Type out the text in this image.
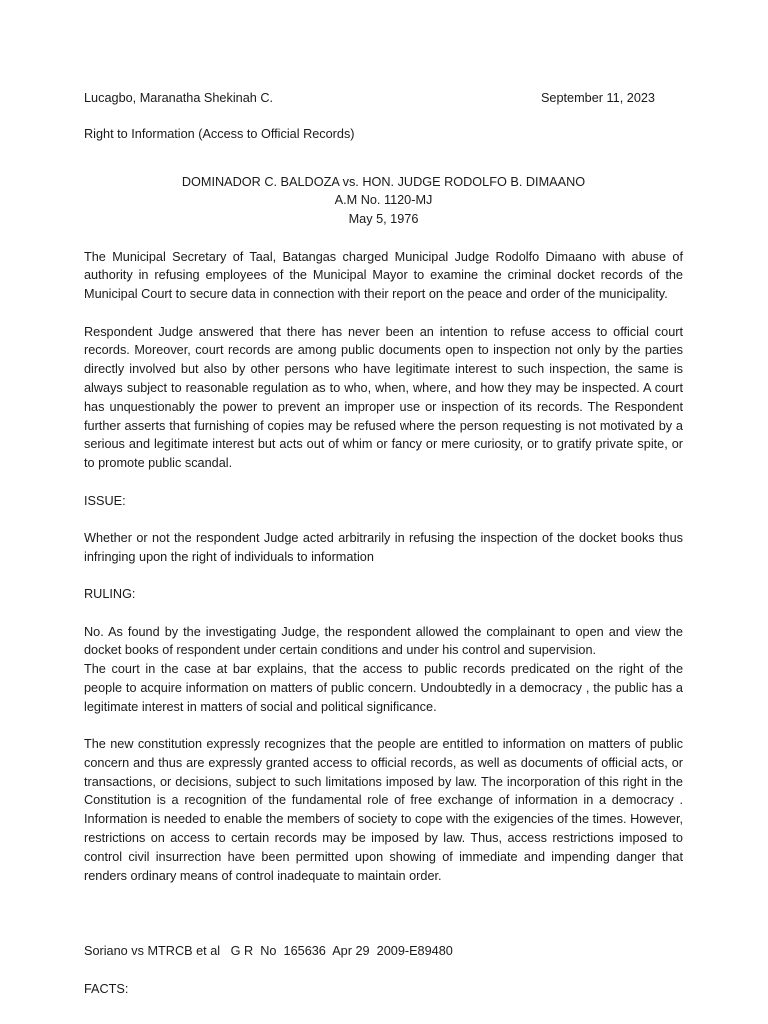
Lucagbo, Maranatha Shekinah C.	September 11, 2023

Right to Information (Access to Official Records)

DOMINADOR C. BALDOZA vs. HON. JUDGE RODOLFO B. DIMAANO
A.M No. 1120-MJ
May 5, 1976

The Municipal Secretary of Taal, Batangas charged Municipal Judge Rodolfo Dimaano with abuse of authority in refusing employees of the Municipal Mayor to examine the criminal docket records of the Municipal Court to secure data in connection with their report on the peace and order of the municipality.

Respondent Judge answered that there has never been an intention to refuse access to official court records. Moreover, court records are among public documents open to inspection not only by the parties directly involved but also by other persons who have legitimate interest to such inspection, the same is always subject to reasonable regulation as to who, when, where, and how they may be inspected. A court has unquestionably the power to prevent an improper use or inspection of its records. The Respondent further asserts that furnishing of copies may be refused where the person requesting is not motivated by a serious and legitimate interest but acts out of whim or fancy or mere curiosity, or to gratify private spite, or to promote public scandal.

ISSUE:

Whether or not the respondent Judge acted arbitrarily in refusing the inspection of the docket books thus infringing upon the right of individuals to information

RULING:

No. As found by the investigating Judge, the respondent allowed the complainant to open and view the docket books of respondent under certain conditions and under his control and supervision.

The court in the case at bar explains, that the access to public records predicated on the right of the people to acquire information on matters of public concern. Undoubtedly in a democracy , the public has a legitimate interest in matters of social and political significance.

The new constitution expressly recognizes that the people are entitled to information on matters of public concern and thus are expressly granted access to official records, as well as documents of official acts, or transactions, or decisions, subject to such limitations imposed by law. The incorporation of this right in the Constitution is a recognition of the fundamental role of free exchange of information in a democracy . Information is needed to enable the members of society to cope with the exigencies of the times. However, restrictions on access to certain records may be imposed by law. Thus, access restrictions imposed to control civil insurrection have been permitted upon showing of immediate and impending danger that renders ordinary means of control inadequate to maintain order.

Soriano vs MTRCB et al   G R  No  165636  Apr 29  2009-E89480

FACTS:
